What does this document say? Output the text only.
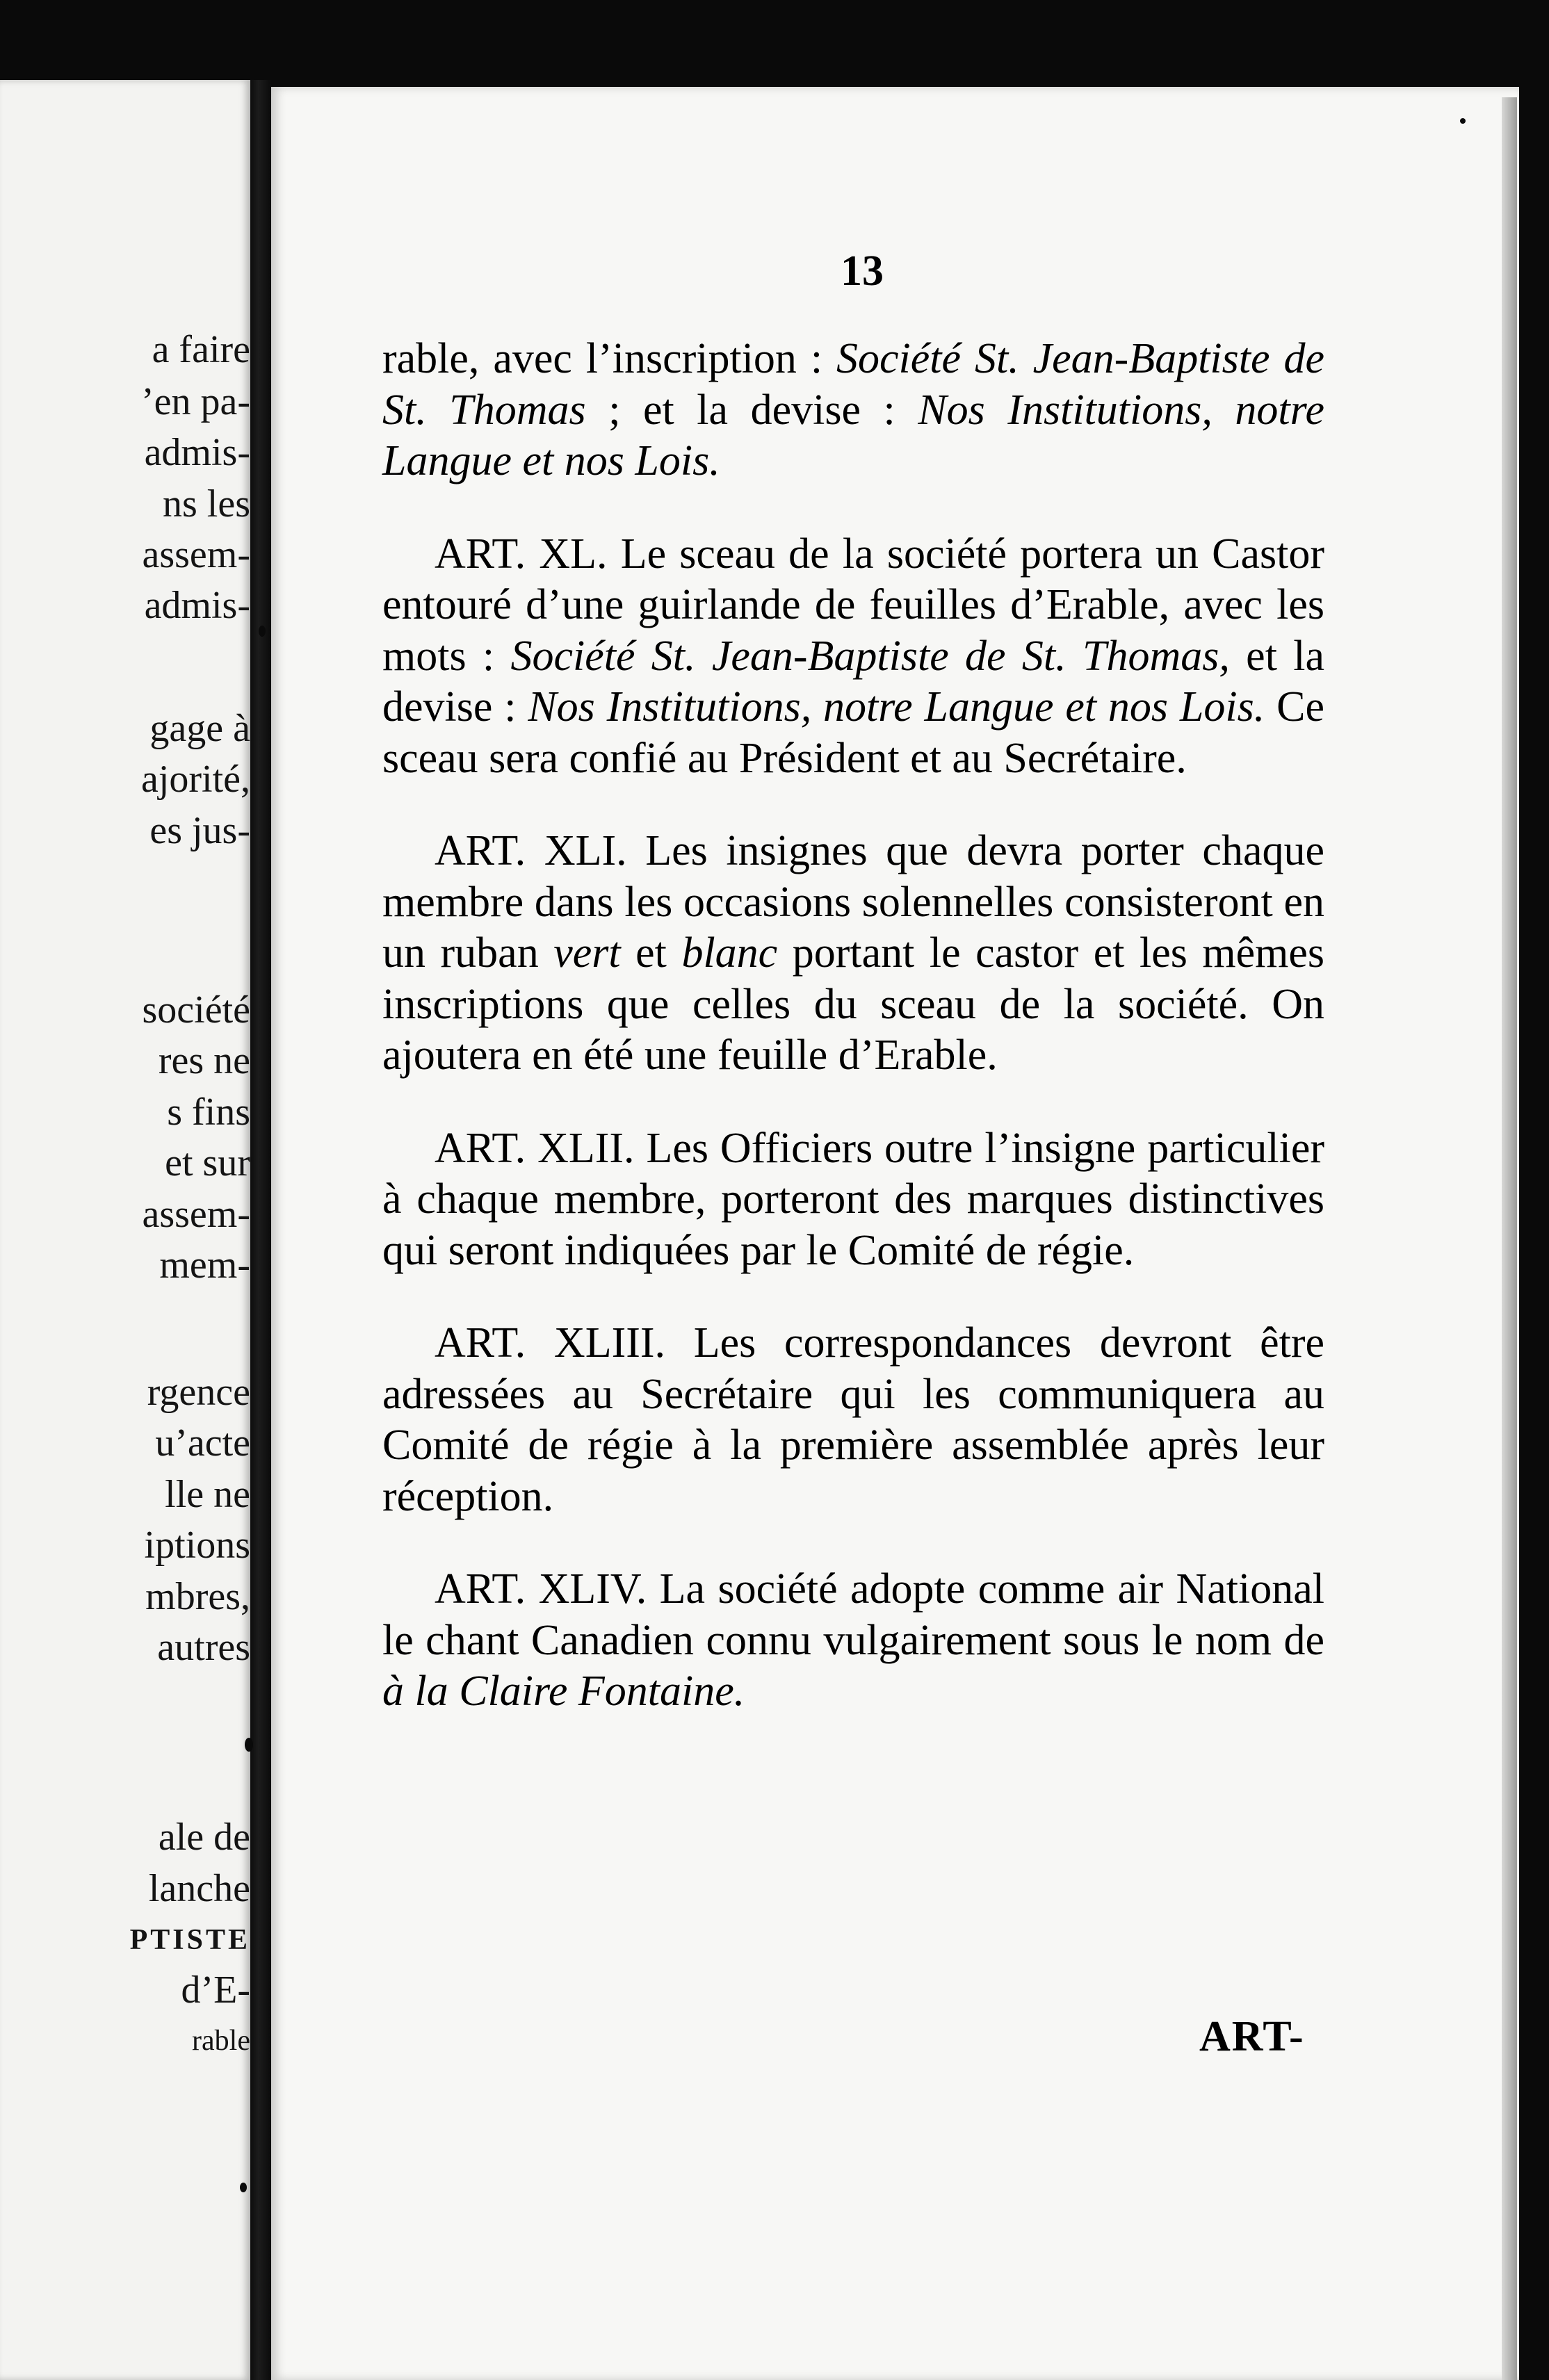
a faire
’en pa-
admis-
ns les
assem-
admis-
gage à
ajorité,
es jus-
société
res ne
s fins
et sur
assem-
mem-
rgence
u’acte
lle ne
iptions
mbres,
autres
ale de
lanche
PTISTE
d’E-
rable
13

rable, avec l’inscription : Société St. Jean-Baptiste de St. Thomas ; et la devise : Nos Institutions, notre Langue et nos Lois.

ART. XL. Le sceau de la société portera un Castor entouré d’une guirlande de feuilles d’Erable, avec les mots : Société St. Jean-Baptiste de St. Thomas, et la devise : Nos Institutions, notre Langue et nos Lois. Ce sceau sera confié au Président et au Secrétaire.

ART. XLI. Les insignes que devra porter chaque membre dans les occasions solennelles consisteront en un ruban vert et blanc portant le castor et les mêmes inscriptions que celles du sceau de la société. On ajoutera en été une feuille d’Erable.

ART. XLII. Les Officiers outre l’insigne particulier à chaque membre, porteront des marques distinctives qui seront indiquées par le Comité de régie.

ART. XLIII. Les correspondances devront être adressées au Secrétaire qui les communiquera au Comité de régie à la première assemblée après leur réception.

ART. XLIV. La société adopte comme air National le chant Canadien connu vulgairement sous le nom de à la Claire Fontaine.

ART-
